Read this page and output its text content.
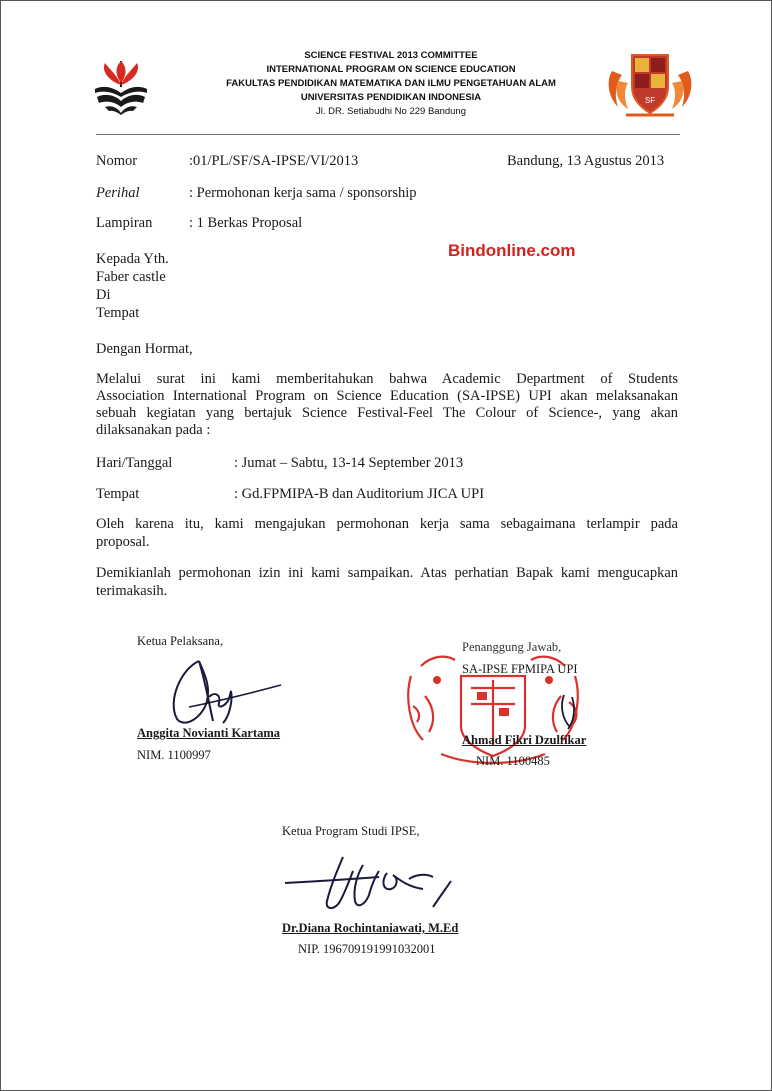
SCIENCE FESTIVAL 2013 COMMITTEE
INTERNATIONAL PROGRAM ON SCIENCE EDUCATION
FAKULTAS PENDIDIKAN MATEMATIKA DAN ILMU PENGETAHUAN ALAM
UNIVERSITAS PENDIDIKAN INDONESIA
Jl. DR. Setiabudhi No 229 Bandung
SF
Nomor	:01/PL/SF/SA-IPSE/VI/2013	Bandung, 13 Agustus 2013
Perihal	: Permohonan kerja sama / sponsorship
Lampiran	: 1 Berkas Proposal
Bindonline.com
Kepada Yth.
Faber castle
Di
Tempat
Dengan Hormat,
Melalui surat ini kami memberitahukan bahwa Academic Department of Students
Association International Program on Science Education (SA-IPSE) UPI akan melaksanakan
sebuah kegiatan yang bertajuk Science Festival-Feel The Colour of Science-, yang akan
dilaksanakan pada :
Hari/Tanggal	: Jumat – Sabtu, 13-14 September 2013
Tempat	: Gd.FPMIPA-B dan Auditorium JICA UPI
Oleh karena itu, kami mengajukan permohonan kerja sama sebagaimana terlampir pada
proposal.
Demikianlah permohonan izin ini kami sampaikan. Atas perhatian Bapak kami mengucapkan
terimakasih.
Ketua Pelaksana,
Anggita Novianti Kartama
NIM. 1100997
Penanggung Jawab,
SA-IPSE FPMIPA UPI
Ahmad Fikri Dzulfikar
NIM. 1100485
Ketua Program Studi IPSE,
Dr.Diana Rochintaniawati, M.Ed
NIP. 196709191991032001
